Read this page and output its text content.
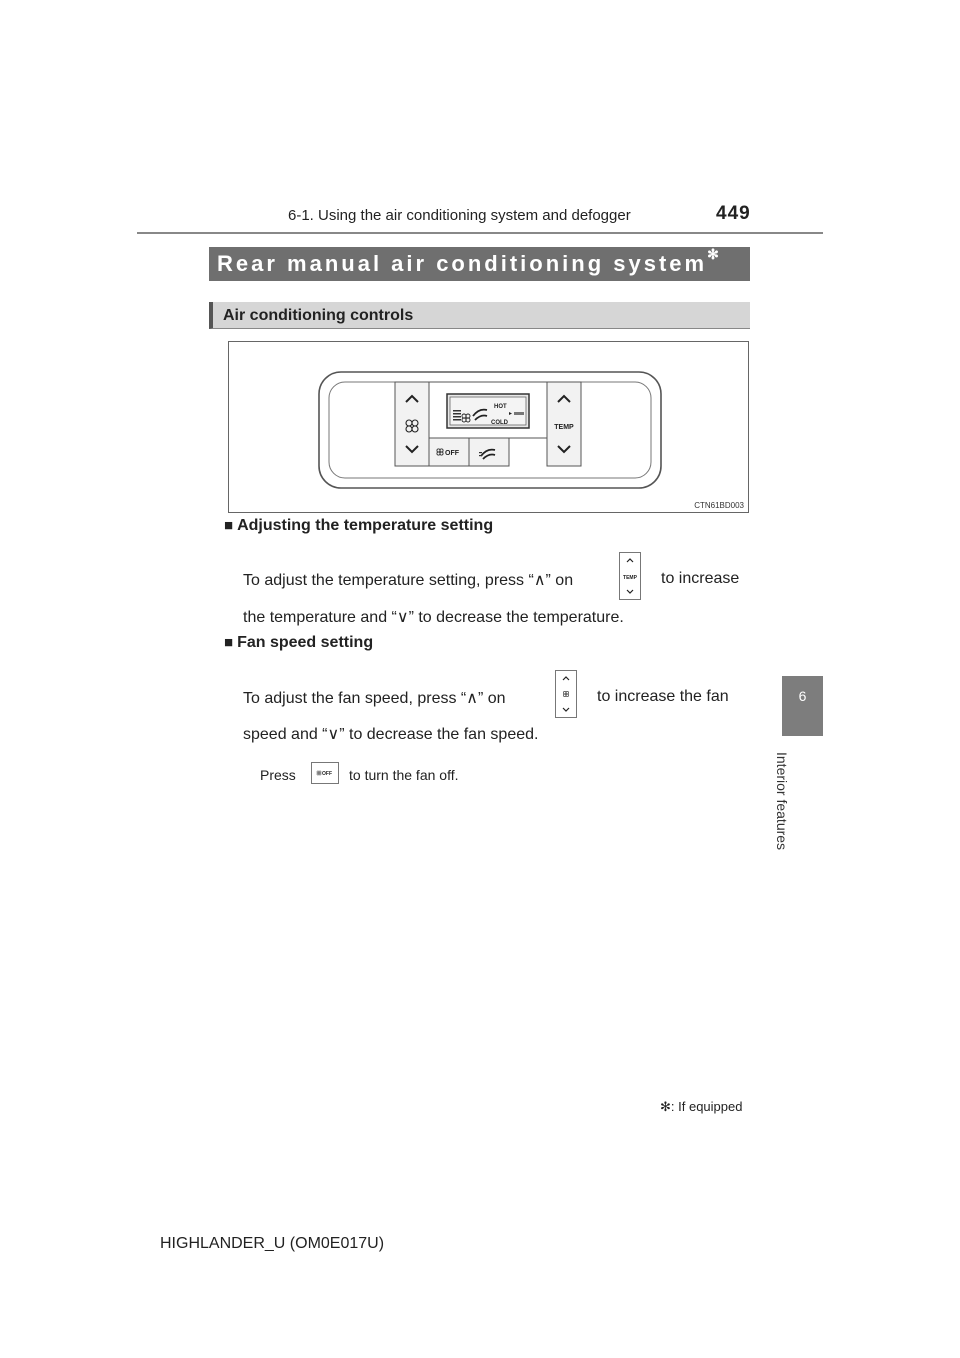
6-1. Using the air conditioning system and defogger	449
6
Interior features
Rear manual air conditioning system✻
Air conditioning controls
TEMP
HOT
COLD
OFF
CTN61BD003
■ Adjusting the temperature setting
To adjust the temperature setting, press “∧” on	TEMP to increase
the temperature and “∨” to decrease the temperature.
■ Fan speed setting
To adjust the fan speed, press “∧” on	to increase the fan
speed and “∨” to decrease the fan speed.
Press	OFF to turn the fan off.
✻: If equipped
HIGHLANDER_U (OM0E017U)
